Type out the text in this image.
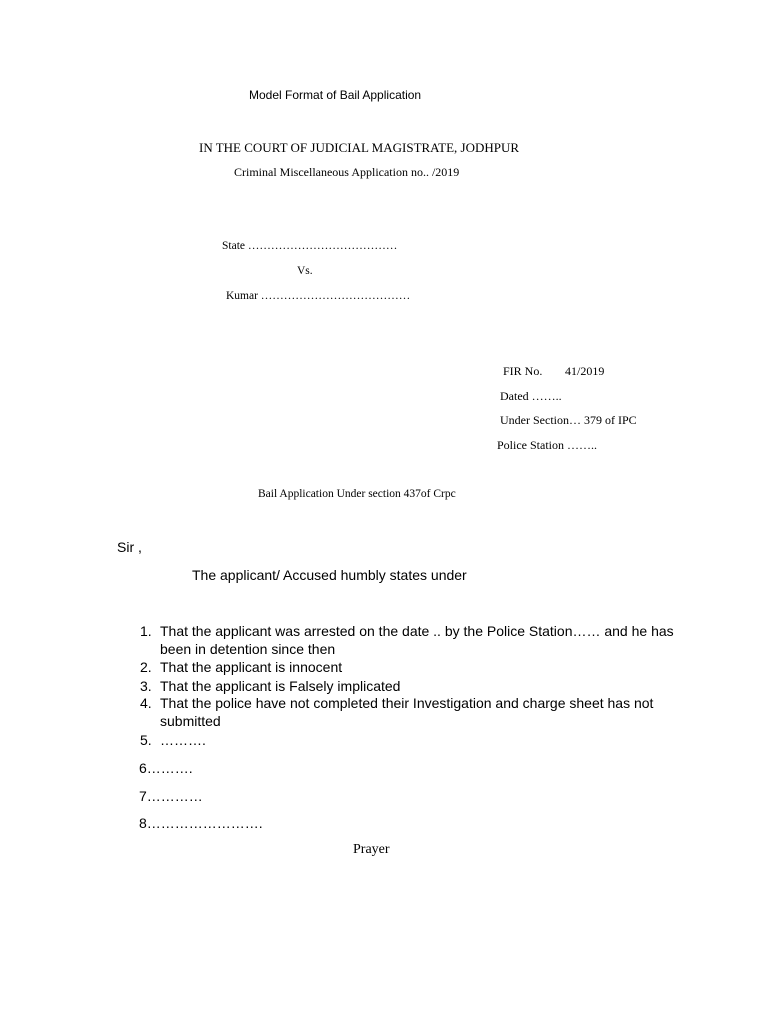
Model Format of Bail Application
IN THE COURT OF JUDICIAL MAGISTRATE, JODHPUR
Criminal Miscellaneous Application no.. /2019
State …………………………………
Vs.
Kumar …………………………………
FIR No. 41/2019
Dated ……..
Under Section… 379 of IPC
Police Station ……..
Bail Application Under section 437of Crpc
Sir ,
The applicant/ Accused humbly states under
1. That the applicant was arrested on the date .. by the Police Station…… and he has
been in detention since then
2. That the applicant is innocent
3. That the applicant is Falsely implicated
4. That the police have not completed their Investigation and charge sheet has not
submitted
5. ……….
6……….
7…………
8…………………….
Prayer
